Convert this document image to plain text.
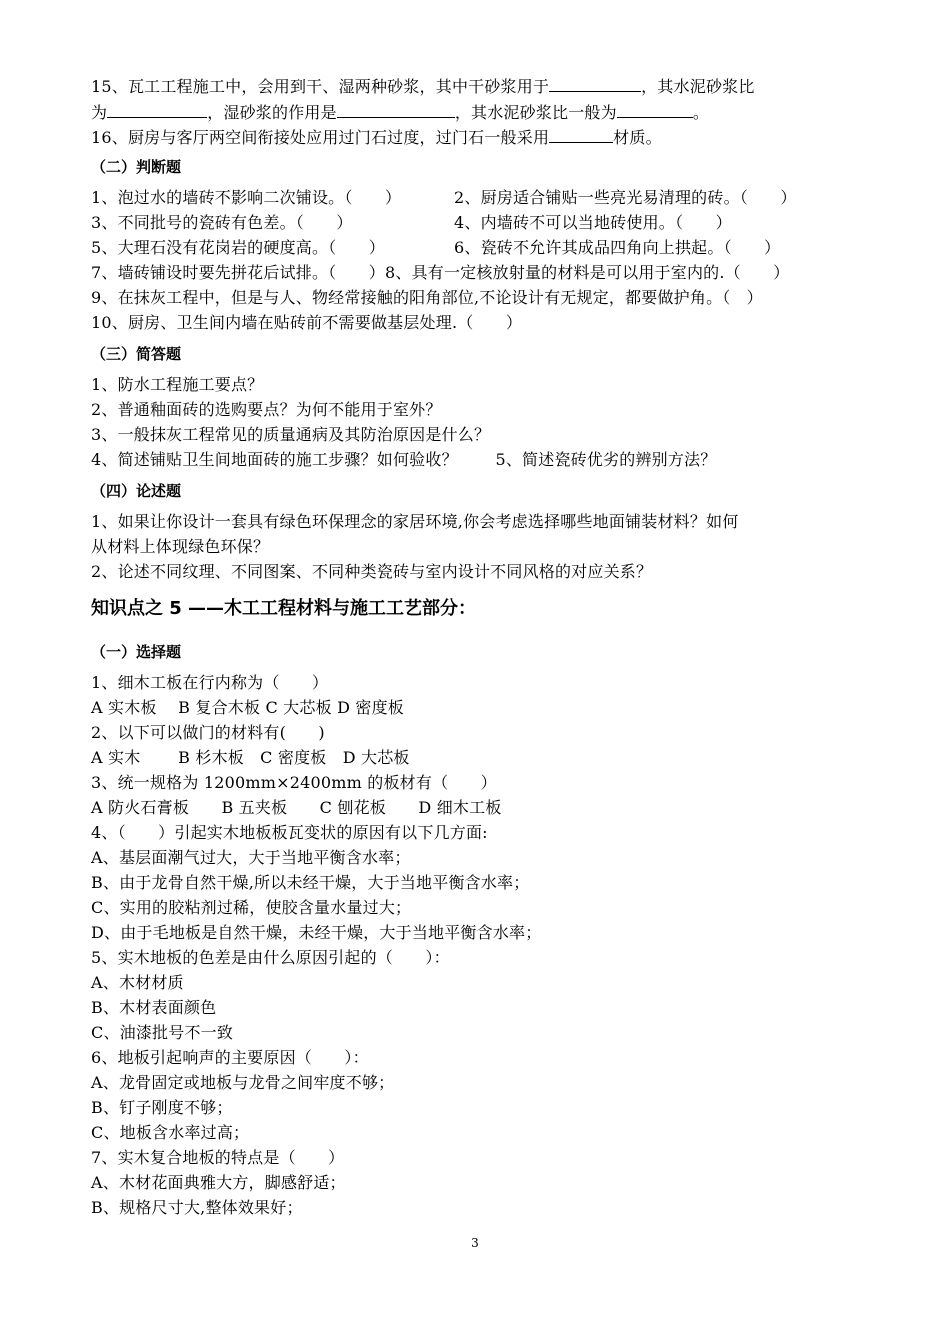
15、瓦工工程施工中，会用到干、湿两种砂浆，其中干砂浆用于	，其水泥砂浆比
为	，湿砂浆的作用是	，其水泥砂浆比一般为	。
16、厨房与客厅两空间衔接处应用过门石过度，过门石一般采用	材质。
（二）判断题
1、泡过水的墙砖不影响二次铺设。（　　）	2、厨房适合铺贴一些亮光易清理的砖。（　　）
3、不同批号的瓷砖有色差。（　　）	4、内墙砖不可以当地砖使用。（　　）
5、大理石没有花岗岩的硬度高。（　　）	6、瓷砖不允许其成品四角向上拱起。（　　）
7、墙砖铺设时要先拼花后试排。（　　）8、具有一定核放射量的材料是可以用于室内的.（　　）
9、在抹灰工程中，但是与人、物经常接触的阳角部位,不论设计有无规定，都要做护角。（　）
10、厨房、卫生间内墙在贴砖前不需要做基层处理.（　　）
（三）简答题
1、防水工程施工要点？
2、普通釉面砖的选购要点？为何不能用于室外？
3、一般抹灰工程常见的质量通病及其防治原因是什么？
4、简述铺贴卫生间地面砖的施工步骤？如何验收？　　 5、简述瓷砖优劣的辨别方法？
（四）论述题
1、如果让你设计一套具有绿色环保理念的家居环境,你会考虑选择哪些地面铺装材料？如何
从材料上体现绿色环保？
2、论述不同纹理、不同图案、不同种类瓷砖与室内设计不同风格的对应关系？
知识点之 5 ——木工工程材料与施工工艺部分：
（一）选择题
1、细木工板在行内称为（　　）
A 实木板　 B 复合木板 C 大芯板 D 密度板
2、以下可以做门的材料有(　　)
A 实木　　 B 杉木板　C 密度板　D 大芯板
3、统一规格为 1200mm×2400mm 的板材有（　　）
A 防火石膏板　　B 五夹板　　C 刨花板　　D 细木工板
4、（　　）引起实木地板板瓦变状的原因有以下几方面:
A、基层面潮气过大，大于当地平衡含水率；
B、由于龙骨自然干燥,所以未经干燥，大于当地平衡含水率；
C、实用的胶粘剂过稀，使胶含量水量过大；
D、由于毛地板是自然干燥，未经干燥，大于当地平衡含水率；
5、实木地板的色差是由什么原因引起的（　　）：
A、木材材质
B、木材表面颜色
C、油漆批号不一致
6、地板引起响声的主要原因（　　）：
A、龙骨固定或地板与龙骨之间牢度不够；
B、钉子刚度不够；
C、地板含水率过高；
7、实木复合地板的特点是（　　）
A、木材花面典雅大方，脚感舒适；
B、规格尺寸大,整体效果好；
3
